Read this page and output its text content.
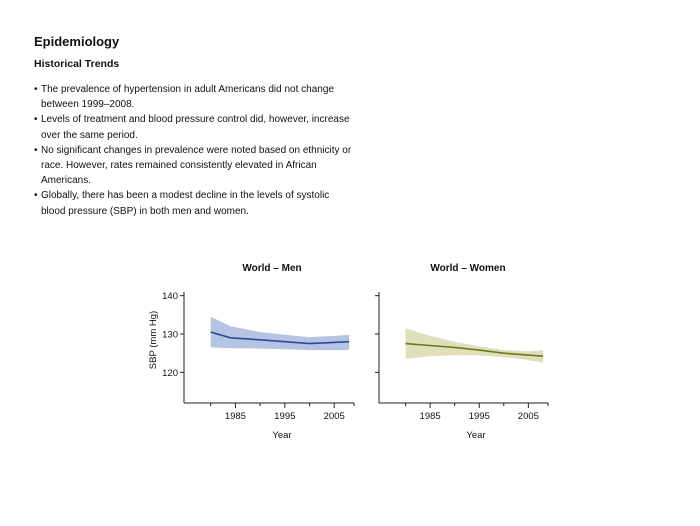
Epidemiology
Historical Trends
• The prevalence of hypertension in adult Americans did not change between 1999–2008.
• Levels of treatment and blood pressure control did, however, increase over the same period.
• No significant changes in prevalence were noted based on ethnicity or race. However, rates remained consistently elevated in African Americans.
• Globally, there has been a modest decline in the levels of systolic blood pressure (SBP) in both men and women.
World – Men
120
130
140
1985	1995	2005
SBP (mm Hg)
Year
World – Women
1985	1995	2005
Year
